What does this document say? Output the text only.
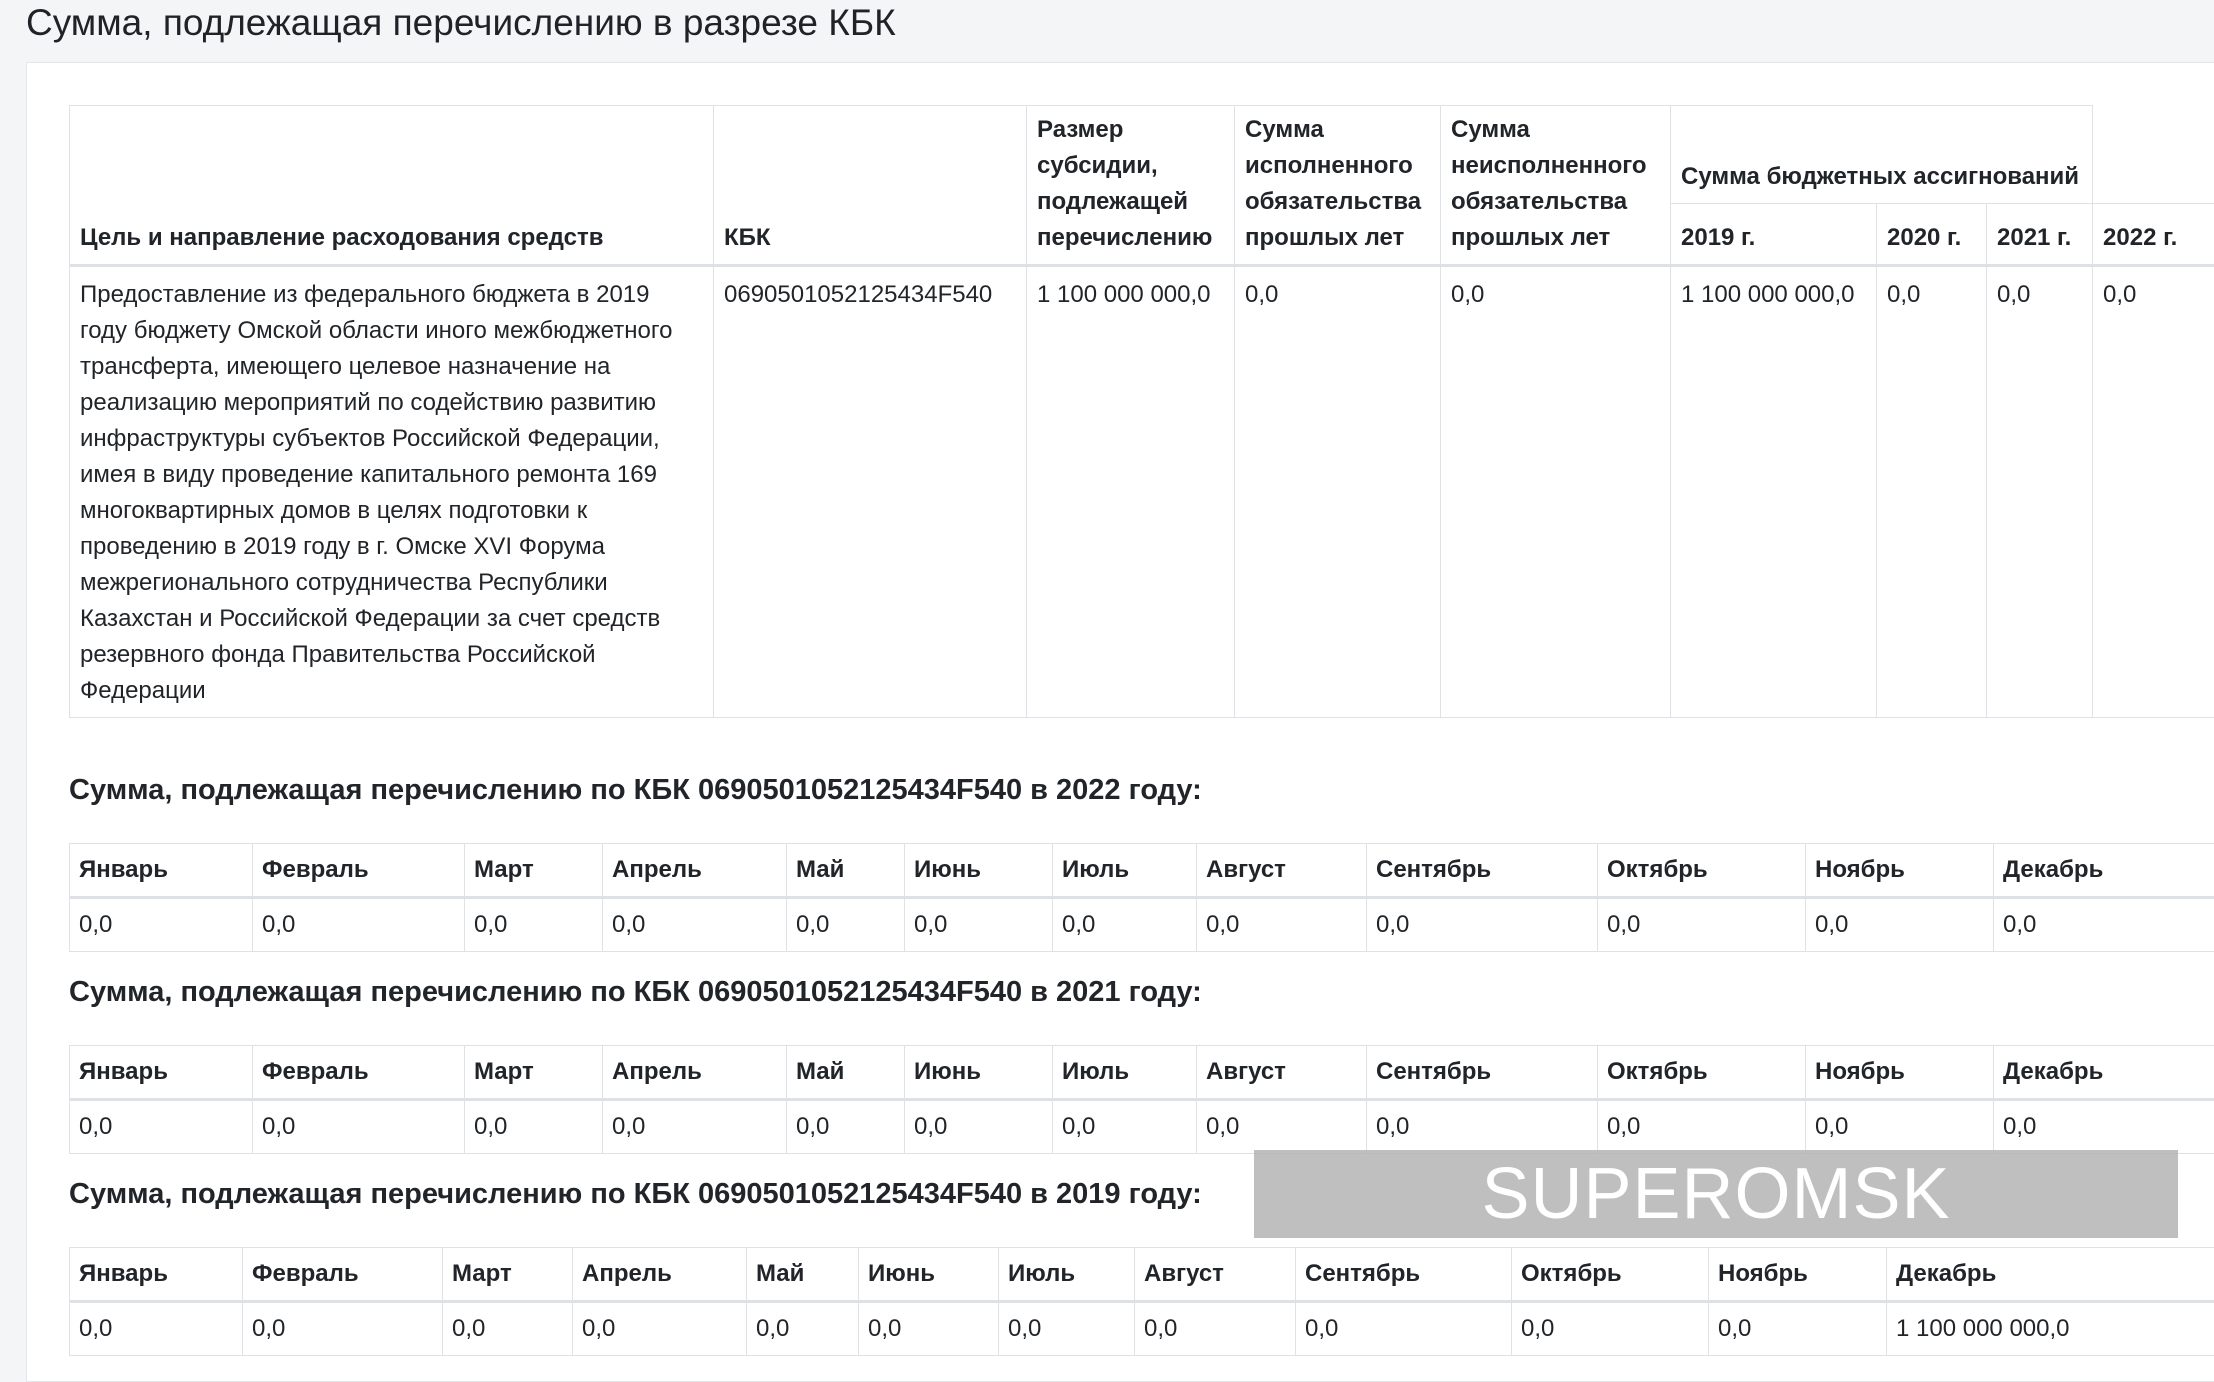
Сумма, подлежащая перечислению в разрезе КБК
Цель и направление расходования средств	КБК	Размер субсидии, подлежащей перечислению	Сумма исполненного обязательства прошлых лет	Сумма неисполненного обязательства прошлых лет	Сумма бюджетных ассигнований			
					2019 г.	2020 г.	2021 г.	2022 г.
Предоставление из федерального бюджета в 2019 году бюджету Омской области иного межбюджетного трансферта, имеющего целевое назначение на реализацию мероприятий по содействию развитию инфраструктуры субъектов Российской Федерации, имея в виду проведение капитального ремонта 169 многоквартирных домов в целях подготовки к проведению в 2019 году в г. Омске XVI Форума межрегионального сотрудничества Республики Казахстан и Российской Федерации за счет средств резервного фонда Правительства Российской Федерации	0690501052125434F540	1 100 000 000,0	0,0	0,0	1 100 000 000,0	0,0	0,0	0,0
Сумма, подлежащая перечислению по КБК 0690501052125434F540 в 2022 году:
Январь	Февраль	Март	Апрель	Май	Июнь	Июль	Август	Сентябрь	Октябрь	Ноябрь	Декабрь
0,0	0,0	0,0	0,0	0,0	0,0	0,0	0,0	0,0	0,0	0,0	0,0
Сумма, подлежащая перечислению по КБК 0690501052125434F540 в 2021 году:
Январь	Февраль	Март	Апрель	Май	Июнь	Июль	Август	Сентябрь	Октябрь	Ноябрь	Декабрь
0,0	0,0	0,0	0,0	0,0	0,0	0,0	0,0	0,0	0,0	0,0	0,0
Сумма, подлежащая перечислению по КБК 0690501052125434F540 в 2019 году:
Январь	Февраль	Март	Апрель	Май	Июнь	Июль	Август	Сентябрь	Октябрь	Ноябрь	Декабрь
0,0	0,0	0,0	0,0	0,0	0,0	0,0	0,0	0,0	0,0	0,0	1 100 000 000,0
SUPEROMSK
